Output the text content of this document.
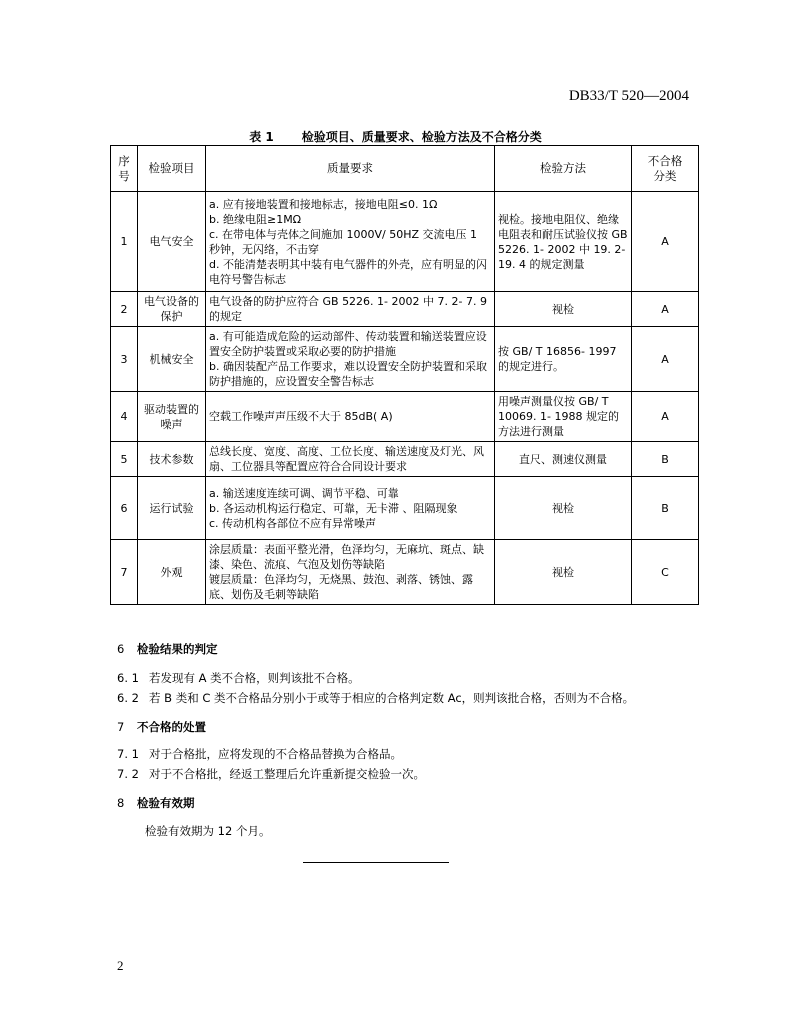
DB33/T 520—2004
表 1 检验项目、质量要求、检验方法及不合格分类
序
号	检验项目	质量要求	检验方法	不合格
分类

1	电气安全	a. 应有接地装置和接地标志，接地电阻≤0. 1Ω
b. 绝缘电阻≥1MΩ
c. 在带电体与壳体之间施加 1000V/ 50HZ 交流电压 1 秒钟，无闪络，不击穿
d. 不能清楚表明其中装有电气器件的外壳，应有明显的闪电符号警告标志	视检。接地电阻仪、绝缘电阻表和耐压试验仪按 GB 5226. 1- 2002 中 19. 2- 19. 4 的规定测量	A
2	电气设备的保护	电气设备的防护应符合 GB 5226. 1- 2002 中 7. 2- 7. 9 的规定	视检	A
3	机械安全	a. 有可能造成危险的运动部件、传动装置和输送装置应设置安全防护装置或采取必要的防护措施
b. 确因装配产品工作要求，难以设置安全防护装置和采取防护措施的，应设置安全警告标志	按 GB/ T 16856- 1997 的规定进行。	A
4	驱动装置的噪声	空载工作噪声声压级不大于 85dB( A)	用噪声测量仪按 GB/ T 10069. 1- 1988 规定的方法进行测量	A
5	技术参数	总线长度、宽度、高度、工位长度、输送速度及灯光、风扇、工位器具等配置应符合合同设计要求	直尺、测速仪测量	B
6	运行试验	a. 输送速度连续可调、调节平稳、可靠
b. 各运动机构运行稳定、可靠，无卡滞 、阻隔现象
c. 传动机构各部位不应有异常噪声	视检	B
7	外观	涂层质量：表面平整光滑，色泽均匀，无麻坑、斑点、缺漆、染色、流痕、气泡及划伤等缺陷
镀层质量：色泽均匀，无烧黑、鼓泡、剥落、锈蚀、露底、划伤及毛刺等缺陷	视检	C
6 检验结果的判定
6. 1 若发现有 A 类不合格，则判该批不合格。
6. 2 若 B 类和 C 类不合格品分别小于或等于相应的合格判定数 Ac，则判该批合格，否则为不合格。
7 不合格的处置
7. 1 对于合格批，应将发现的不合格品替换为合格品。
7. 2 对于不合格批，经返工整理后允许重新提交检验一次。
8 检验有效期
检验有效期为 12 个月。
2
